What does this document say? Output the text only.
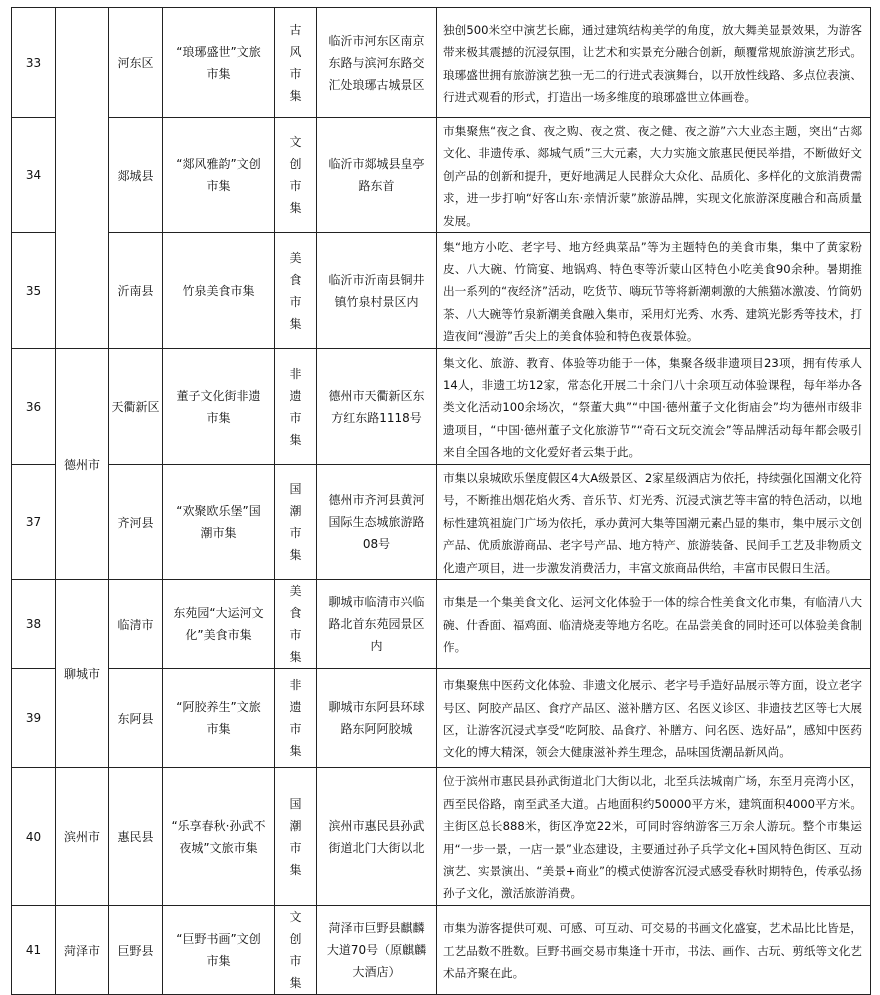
33		河东区	“琅琊盛世”文旅市集	古风市集	临沂市河东区南京东路与滨河东路交汇处琅琊古城景区	独创500米空中演艺长廊，通过建筑结构美学的角度，放大舞美显景效果，为游客带来极其震撼的沉浸氛围，让艺术和实景充分融合创新，颠覆常规旅游演艺形式。琅琊盛世拥有旅游演艺独一无二的行进式表演舞台，以开放性线路、多点位表演、行进式观看的形式，打造出一场多维度的琅琊盛世立体画卷。

34		郯城县	“郯风雅韵”文创市集	文创市集	临沂市郯城县皇亭路东首	市集聚焦“夜之食、夜之购、夜之赏、夜之健、夜之游”六大业态主题，突出“古郯文化、非遗传承、郯城气质”三大元素，大力实施文旅惠民便民举措，不断做好文创产品的创新和提升，更好地满足人民群众大众化、品质化、多样化的文旅消费需求，进一步打响“好客山东·亲情沂蒙”旅游品牌，实现文化旅游深度融合和高质量发展。

35		沂南县	竹泉美食市集	美食市集	临沂市沂南县铜井镇竹泉村景区内	集“地方小吃、老字号、地方经典菜品”等为主题特色的美食市集，集中了黄家粉皮、八大碗、竹筒宴、地锅鸡、特色枣等沂蒙山区特色小吃美食90余种。暑期推出一系列的“夜经济”活动，吃货节、嗨玩节等将新潮刺激的大熊猫冰激凌、竹筒奶茶、八大碗等竹泉新潮美食融入集市，采用灯光秀、水秀、建筑光影秀等技术，打造夜间“漫游”舌尖上的美食体验和特色夜景体验。

36	德州市	天衢新区	董子文化街非遗市集	非遗市集	德州市天衢新区东方红东路1118号	集文化、旅游、教育、体验等功能于一体，集聚各级非遗项目23项，拥有传承人14人，非遗工坊12家，常态化开展二十余门八十余项互动体验课程，每年举办各类文化活动100余场次，“祭董大典”“中国·德州董子文化街庙会”均为德州市级非遗项目，“中国·德州董子文化旅游节”“奇石文玩交流会”等品牌活动每年都会吸引来自全国各地的文化爱好者云集于此。

37		齐河县	“欢聚欧乐堡”国潮市集	国潮市集	德州市齐河县黄河国际生态城旅游路08号	市集以泉城欧乐堡度假区4大A级景区、2家星级酒店为依托，持续强化国潮文化符号，不断推出烟花焰火秀、音乐节、灯光秀、沉浸式演艺等丰富的特色活动，以地标性建筑祖旋门广场为依托，承办黄河大集等国潮元素凸显的集市，集中展示文创产品、优质旅游商品、老字号产品、地方特产、旅游装备、民间手工艺及非物质文化遗产项目，进一步激发消费活力，丰富文旅商品供给，丰富市民假日生活。

38	聊城市	临清市	东苑园“大运河文化”美食市集	美食市集	聊城市临清市兴临路北首东苑园景区内	市集是一个集美食文化、运河文化体验于一体的综合性美食文化市集，有临清八大碗、什香面、福鸡面、临清烧麦等地方名吃。在品尝美食的同时还可以体验美食制作。

39		东阿县	“阿胶养生”文旅市集	非遗市集	聊城市东阿县环球路东阿阿胶城	市集聚焦中医药文化体验、非遗文化展示、老字号手造好品展示等方面，设立老字号区、阿胶产品区、食疗产品区、滋补膳方区、名医义诊区、非遗技艺区等七大展区，让游客沉浸式享受“吃阿胶、品食疗、补膳方、问名医、选好品”，感知中医药文化的博大精深，领会大健康滋补养生理念，品味国货潮品新风尚。

40	滨州市	惠民县	“乐享春秋·孙武不夜城”文旅市集	国潮市集	滨州市惠民县孙武街道北门大街以北	位于滨州市惠民县孙武街道北门大街以北，北至兵法城南广场，东至月亮湾小区，西至民俗路，南至武圣大道。占地面积约50000平方米，建筑面积4000平方米。主街区总长888米，街区净宽22米，可同时容纳游客三万余人游玩。整个市集运用“一步一景，一店一景”业态建设，主要通过孙子兵学文化+国风特色街区、互动演艺、实景演出、“美景+商业”的模式使游客沉浸式感受春秋时期特色，传承弘扬孙子文化，激活旅游消费。

41	菏泽市	巨野县	“巨野书画”文创市集	文创市集	菏泽市巨野县麒麟大道70号（原麒麟大酒店）	市集为游客提供可观、可感、可互动、可交易的书画文化盛宴，艺术品比比皆是，工艺品数不胜数。巨野书画交易市集逢十开市，书法、画作、古玩、剪纸等文化艺术品齐聚在此。
